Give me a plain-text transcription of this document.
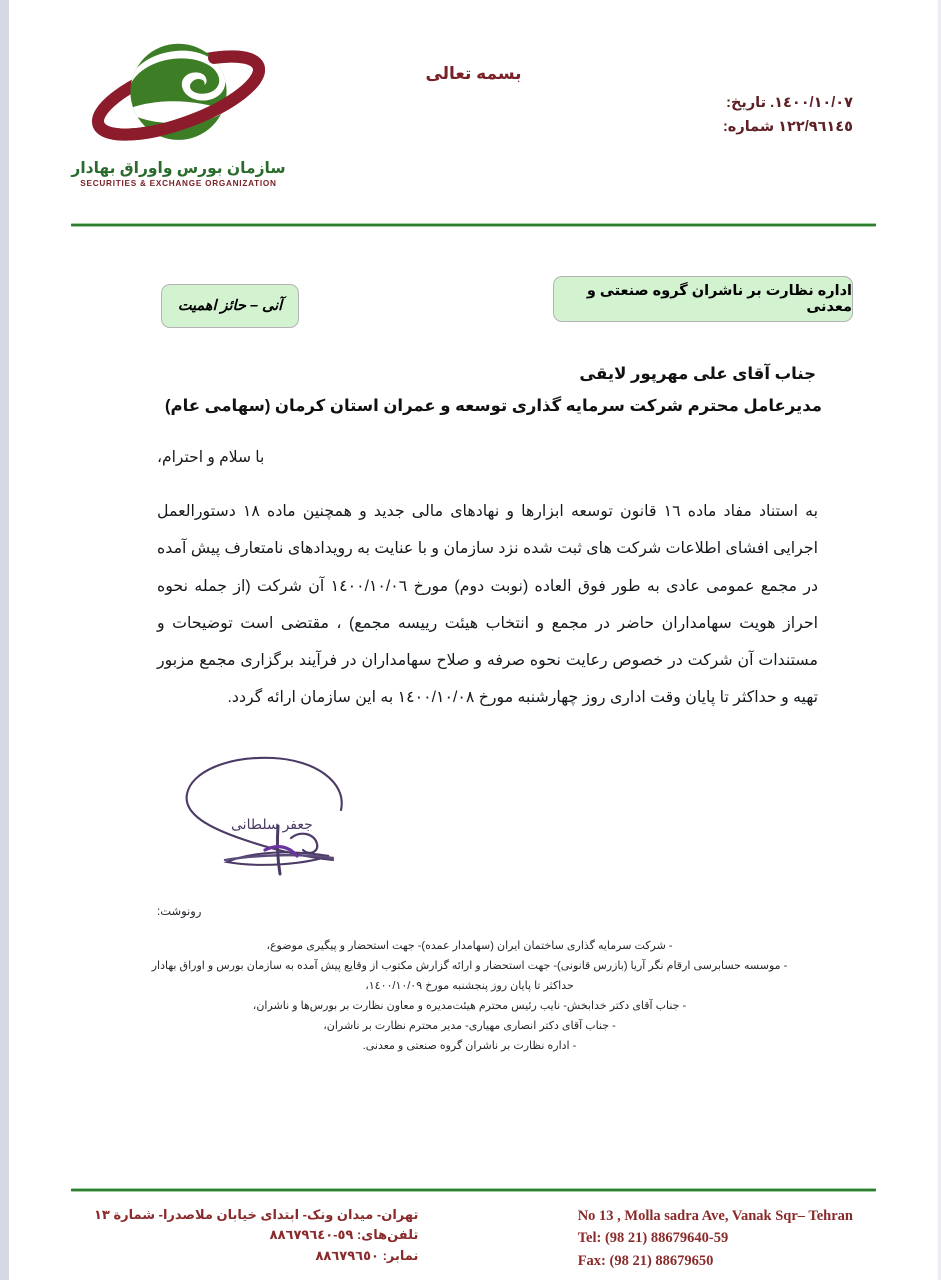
بسمه تعالی
١٤٠٠/١٠/٠٧. تاریخ:
١٢٢/٩٦١٤٥ شماره:
سازمان بورس واوراق بهادار
SECURITIES & EXCHANGE ORGANIZATION
اداره نظارت بر ناشران گروه صنعتی و معدنی
آنی – حائز اهمیت
جناب آقای علی مهرپور لایقی
مدیرعامل محترم شرکت سرمایه گذاری توسعه و عمران استان کرمان (سهامی عام)
با سلام و احترام،
به استناد مفاد ماده ١٦ قانون توسعه ابزارها و نهادهای مالی جدید و همچنین ماده ١٨ دستورالعمل اجرایی افشای اطلاعات شرکت های ثبت شده نزد سازمان و با عنایت به رویدادهای نامتعارف پیش آمده در مجمع عمومی عادی به طور فوق العاده (نوبت دوم) مورخ ١٤٠٠/١٠/٠٦ آن شرکت (از جمله نحوه احراز هویت سهامداران حاضر در مجمع و انتخاب هیئت رییسه مجمع) ، مقتضی است توضیحات و مستندات آن شرکت در خصوص رعایت نحوه صرفه و صلاح سهامداران در فرآیند برگزاری مجمع مزبور تهیه و حداکثر تا پایان وقت اداری روز چهارشنبه مورخ ١٤٠٠/١٠/٠٨ به این سازمان ارائه گردد.
جعفر سلطانی
رونوشت:
- شرکت سرمایه گذاری ساختمان ایران (سهامدار عمده)- جهت استحضار و پیگیری موضوع،
- موسسه حسابرسی ارقام نگر آریا (بازرس قانونی)- جهت استحضار و ارائه گزارش مکتوب از وقایع پیش آمده به سازمان بورس و اوراق بهادار
حداکثر تا پایان روز پنجشنبه مورخ ١٤٠٠/١٠/٠٩،
- جناب آقای دکتر خدابخش- نایب رئیس محترم هیئت‌مدیره و معاون نظارت بر بورس‌ها و ناشران،
- جناب آقای دکتر انصاری مهیاری- مدیر محترم نظارت بر ناشران،
- اداره نظارت بر ناشران گروه صنعتی و معدنی.
No 13 , Molla sadra Ave, Vanak Sqr– Tehran
Tel: (98 21) 88679640-59
Fax: (98 21) 88679650
تهران- میدان ونک- ابتدای خیابان ملاصدرا- شمارة ١٣
تلفن‌های: ٥٩-٨٨٦٧٩٦٤٠
نمابر: ٨٨٦٧٩٦٥٠
